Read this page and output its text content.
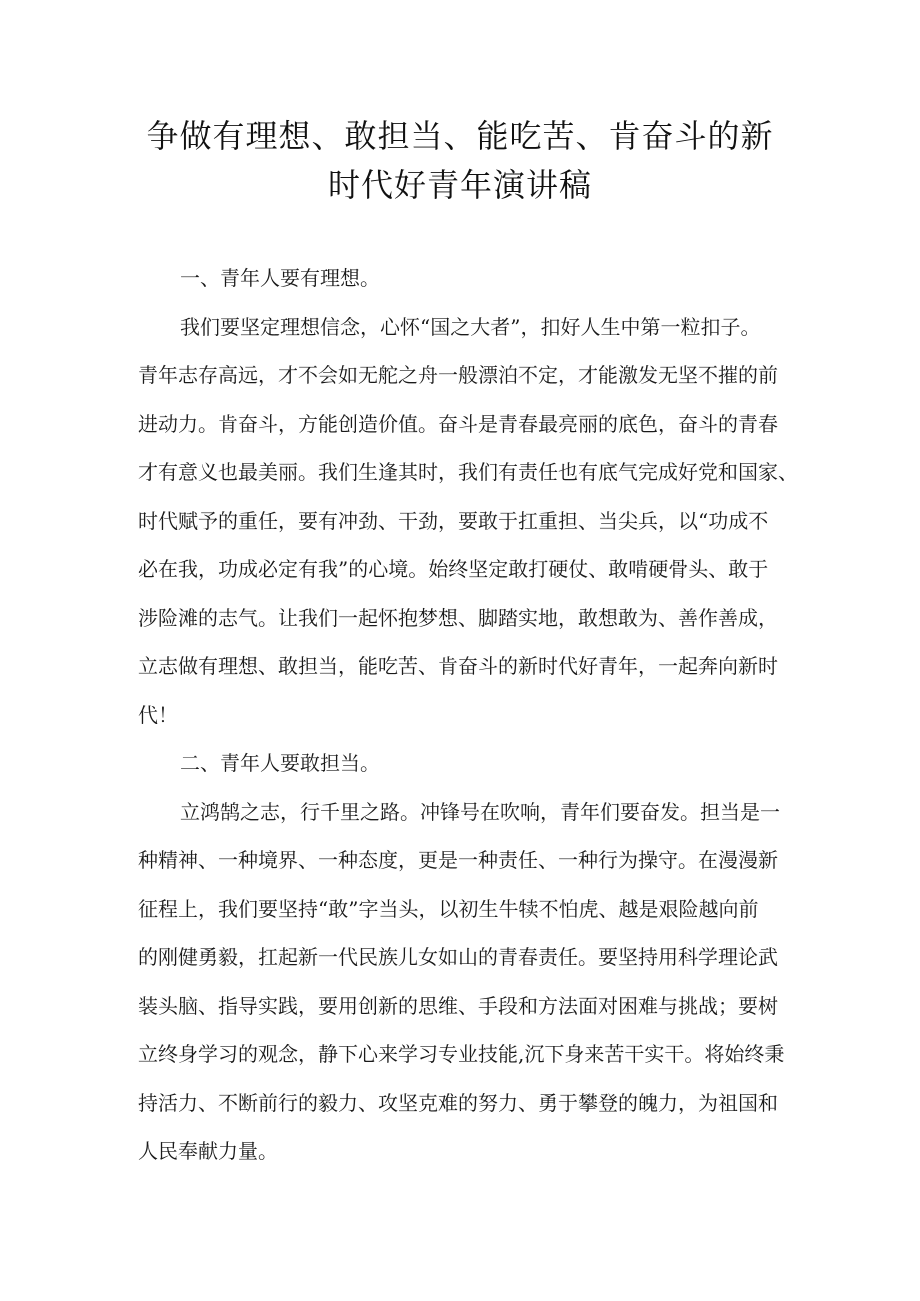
争做有理想、敢担当、能吃苦、肯奋斗的新
时代好青年演讲稿
一、青年人要有理想。
我们要坚定理想信念，心怀“国之大者”，扣好人生中第一粒扣子。
青年志存高远，才不会如无舵之舟一般漂泊不定，才能激发无坚不摧的前
进动力。肯奋斗，方能创造价值。奋斗是青春最亮丽的底色，奋斗的青春
才有意义也最美丽。我们生逢其时，我们有责任也有底气完成好党和国家、
时代赋予的重任，要有冲劲、干劲，要敢于扛重担、当尖兵，以“功成不
必在我，功成必定有我”的心境。始终坚定敢打硬仗、敢啃硬骨头、敢于
涉险滩的志气。让我们一起怀抱梦想、脚踏实地，敢想敢为、善作善成，
立志做有理想、敢担当，能吃苦、肯奋斗的新时代好青年，一起奔向新时
代！
二、青年人要敢担当。
立鸿鹄之志，行千里之路。冲锋号在吹响，青年们要奋发。担当是一
种精神、一种境界、一种态度，更是一种责任、一种行为操守。在漫漫新
征程上，我们要坚持“敢”字当头，以初生牛犊不怕虎、越是艰险越向前
的刚健勇毅，扛起新一代民族儿女如山的青春责任。要坚持用科学理论武
装头脑、指导实践，要用创新的思维、手段和方法面对困难与挑战；要树
立终身学习的观念，静下心来学习专业技能,沉下身来苦干实干。将始终秉
持活力、不断前行的毅力、攻坚克难的努力、勇于攀登的魄力，为祖国和
人民奉献力量。
